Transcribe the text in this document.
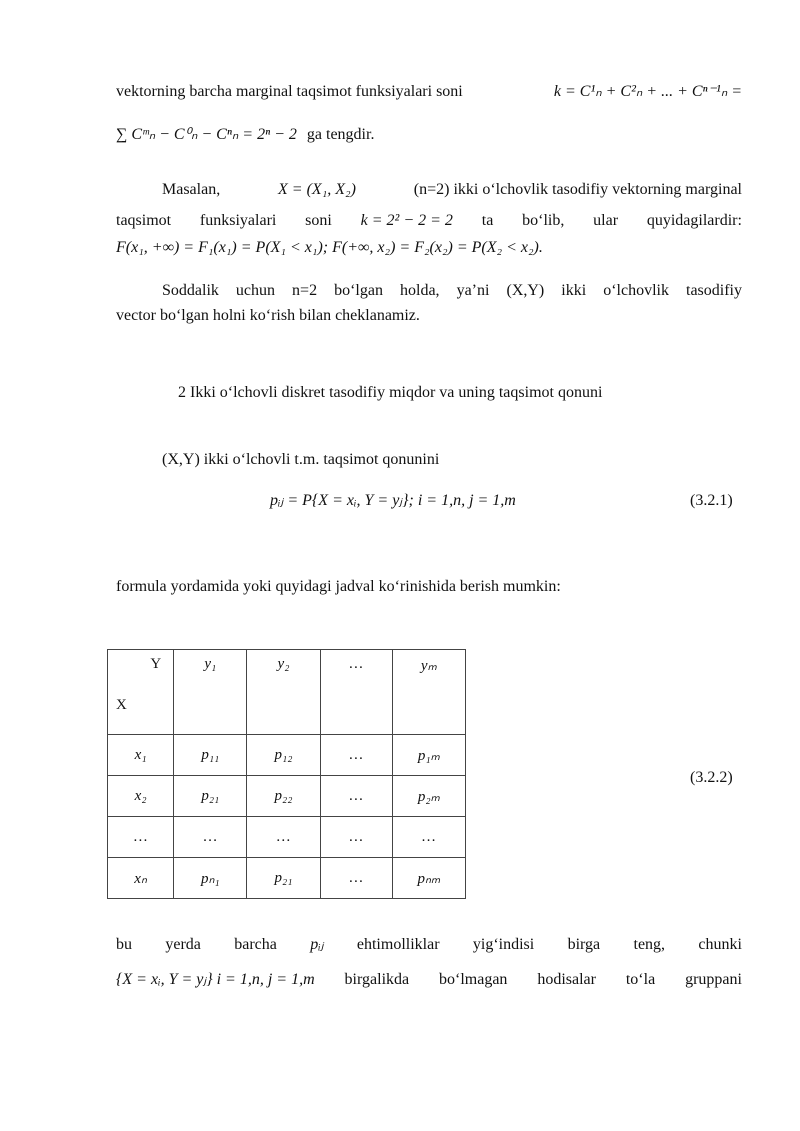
vektorning barcha marginal taqsimot funksiyalari soni	k = C¹ₙ + C²ₙ + ... + Cⁿ⁻¹ₙ =
∑ Cᵐₙ − C⁰ₙ − Cⁿₙ = 2ⁿ − 2 ga tengdir.
Masalan,	X = (X₁, X₂)	(n=2) ikki o‘lchovlik tasodifiy vektorning marginal
taqsimot funksiyalari soni k = 2² − 2 = 2 ta bo‘lib, ular quyidagilardir:
F(x₁, +∞) = F₁(x₁) = P(X₁ < x₁); F(+∞, x₂) = F₂(x₂) = P(X₂ < x₂).
Soddalik uchun n=2 bo‘lgan holda, ya’ni (X,Y) ikki o‘lchovlik tasodifiy
vector bo‘lgan holni ko‘rish bilan cheklanamiz.
2 Ikki o‘lchovli diskret tasodifiy miqdor va uning taqsimot qonuni
(X,Y) ikki o‘lchovli t.m. taqsimot qonunini
pᵢⱼ = P{X = xᵢ, Y = yⱼ}; i = 1,n, j = 1,m	(3.2.1)
formula yordamida yoki quyidagi jadval ko‘rinishida berish mumkin:
Y
X	y₁	y₂	…	yₘ
x₁	p₁₁	p₁₂	…	p₁ₘ
x₂	p₂₁	p₂₂	…	p₂ₘ
…	…	…	…	…
xₙ	pₙ₁	p₂₁	…	pₙₘ
(3.2.2)
bu yerda barcha pᵢⱼ ehtimolliklar yig‘indisi birga teng, chunki
{X = xᵢ, Y = yⱼ} i = 1,n, j = 1,m birgalikda bo‘lmagan hodisalar to‘la gruppani
